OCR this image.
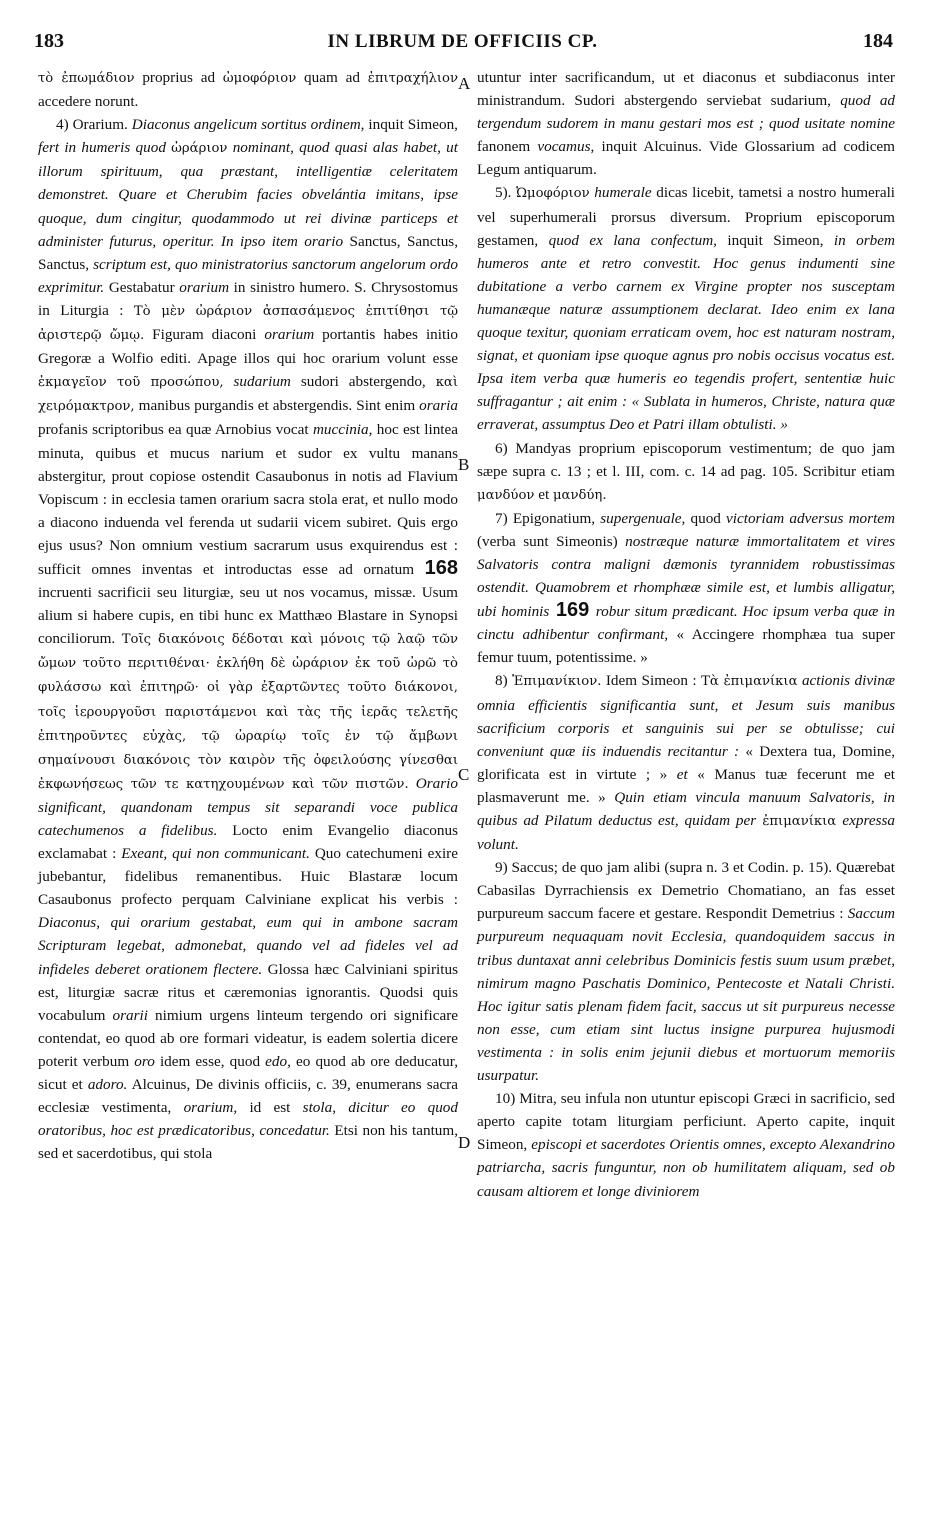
183	IN LIBRUM DE OFFICIIS CP.	184
A
B
C
D

τὸ ἐπωμάδιον proprius ad ὠμοφόριον quam ad ἐπιτραχήλιον accedere norunt.

4) Orarium. Diaconus angelicum sortitus ordinem, inquit Simeon, fert in humeris quod ὠράριον nominant, quod quasi alas habet, ut illorum spirituum, qua præstant, intelligentiæ celeritatem demonstret. Quare et Cherubim facies obvelántia imitans, ipse quoque, dum cingitur, quodammodo ut rei divinæ particeps et administer futurus, operitur. In ipso item orario Sanctus, Sanctus, Sanctus, scriptum est, quo ministratorius sanctorum angelorum ordo exprimitur. Gestabatur orarium in sinistro humero. S. Chrysostomus in Liturgia : Τὸ μὲν ὠράριον ἀσπασάμενος ἐπιτίθησι τῷ ἀριστερῷ ὤμῳ. Figuram diaconi orarium portantis habes initio Gregoræ a Wolfio editi. Apage illos qui hoc orarium volunt esse ἐκμαγεῖον τοῦ προσώπου, sudarium sudori abstergendo, καὶ χειρόμακτρον, manibus purgandis et abstergendis. Sint enim oraria profanis scriptoribus ea quæ Arnobius vocat muccinia, hoc est lintea minuta, quibus et mucus narium et sudor ex vultu manans abstergitur, prout copiose ostendit Casaubonus in notis ad Flavium Vopiscum : in ecclesia tamen orarium sacra stola erat, et nullo modo a diacono induenda vel ferenda ut sudarii vicem subiret. Quis ergo ejus usus? Non omnium vestium sacrarum usus exquirendus est : sufficit omnes inventas et introductas esse ad ornatum 168 incruenti sacrificii seu liturgiæ, seu ut nos vocamus, missæ. Usum alium si habere cupis, en tibi hunc ex Matthæo Blastare in Synopsi conciliorum. Τοῖς διακόνοις δέδοται καὶ μόνοις τῷ λαῷ τῶν ὤμων τοῦτο περιτιθέναι· ἐκλήθη δὲ ὠράριον ἐκ τοῦ ὠρῶ τὸ φυλάσσω καὶ ἐπιτηρῶ· οἱ γὰρ ἐξαρτῶντες τοῦτο διάκονοι, τοῖς ἱερουργοῦσι παριστάμενοι καὶ τὰς τῆς ἱερᾶς τελετῆς ἐπιτηροῦντες εὐχὰς, τῷ ὠραρίῳ τοῖς ἐν τῷ ἄμβωνι σημαίνουσι διακόνοις τὸν καιρὸν τῆς ὀφειλούσης γίνεσθαι ἐκφωνήσεως τῶν τε κατηχουμένων καὶ τῶν πιστῶν. Orario significant, quandonam tempus sit separandi voce publica catechumenos a fidelibus. Locto enim Evangelio diaconus exclamabat : Exeant, qui non communicant. Quo catechumeni exire jubebantur, fidelibus remanentibus. Huic Blastaræ locum Casaubonus profecto perquam Calviniane explicat his verbis : Diaconus, qui orarium gestabat, eum qui in ambone sacram Scripturam legebat, admonebat, quando vel ad fideles vel ad infideles deberet orationem flectere. Glossa hæc Calviniani spiritus est, liturgiæ sacræ ritus et cæremonias ignorantis. Quodsi quis vocabulum orarii nimium urgens linteum tergendo ori significare contendat, eo quod ab ore formari videatur, is eadem solertia dicere poterit verbum oro idem esse, quod edo, eo quod ab ore deducatur, sicut et adoro. Alcuinus, De divinis officiis, c. 39, enumerans sacra ecclesiæ vestimenta, orarium, id est stola, dicitur eo quod oratoribus, hoc est prædicatoribus, concedatur. Etsi non his tantum, sed et sacerdotibus, qui stola

utuntur inter sacrificandum, ut et diaconus et subdiaconus inter ministrandum. Sudori abstergendo serviebat sudarium, quod ad tergendum sudorem in manu gestari mos est ; quod usitate nomine fanonem vocamus, inquit Alcuinus. Vide Glossarium ad codicem Legum antiquarum.

5). Ὠμοφόριον humerale dicas licebit, tametsi a nostro humerali vel superhumerali prorsus diversum. Proprium episcoporum gestamen, quod ex lana confectum, inquit Simeon, in orbem humeros ante et retro convestit. Hoc genus indumenti sine dubitatione a verbo carnem ex Virgine propter nos susceptam humanæque naturæ assumptionem declarat. Ideo enim ex lana quoque texitur, quoniam erraticam ovem, hoc est naturam nostram, signat, et quoniam ipse quoque agnus pro nobis occisus vocatus est. Ipsa item verba quæ humeris eo tegendis profert, sententiæ huic suffragantur ; ait enim : « Sublata in humeros, Christe, natura quæ erraverat, assumptus Deo et Patri illam obtulisti. »

6) Mandyas proprium episcoporum vestimentum; de quo jam sæpe supra c. 13 ; et l. III, com. c. 14 ad pag. 105. Scribitur etiam μανδύον et μανδύη.

7) Epigonatium, supergenuale, quod victoriam adversus mortem (verba sunt Simeonis) nostræque naturæ immortalitatem et vires Salvatoris contra maligni dæmonis tyrannidem robustissimas ostendit. Quamobrem et rhomphææ simile est, et lumbis alligatur, ubi hominis 169 robur situm prædicant. Hoc ipsum verba quæ in cinctu adhibentur confirmant, « Accingere rhomphæa tua super femur tuum, potentissime. »

8) Ἐπιμανίκιον. Idem Simeon : Τὰ ἐπιμανίκια actionis divinæ omnia efficientis significantia sunt, et Jesum suis manibus sacrificium corporis et sanguinis sui per se obtulisse; cui conveniunt quæ iis induendis recitantur : « Dextera tua, Domine, glorificata est in virtute ; » et « Manus tuæ fecerunt me et plasmaverunt me. » Quin etiam vincula manuum Salvatoris, in quibus ad Pilatum deductus est, quidam per ἐπιμανίκια expressa volunt.

9) Saccus; de quo jam alibi (supra n. 3 et Codin. p. 15). Quærebat Cabasilas Dyrrachiensis ex Demetrio Chomatiano, an fas esset purpureum saccum facere et gestare. Respondit Demetrius : Saccum purpureum nequaquam novit Ecclesia, quandoquidem saccus in tribus duntaxat anni celebribus Dominicis festis suum usum præbet, nimirum magno Paschatis Dominico, Pentecoste et Natali Christi. Hoc igitur satis plenam fidem facit, saccus ut sit purpureus necesse non esse, cum etiam sint luctus insigne purpurea hujusmodi vestimenta : in solis enim jejunii diebus et mortuorum memoriis usurpatur.

10) Mitra, seu infula non utuntur episcopi Græci in sacrificio, sed aperto capite totam liturgiam perficiunt. Aperto capite, inquit Simeon, episcopi et sacerdotes Orientis omnes, excepto Alexandrino patriarcha, sacris funguntur, non ob humilitatem aliquam, sed ob causam altiorem et longe diviniorem
